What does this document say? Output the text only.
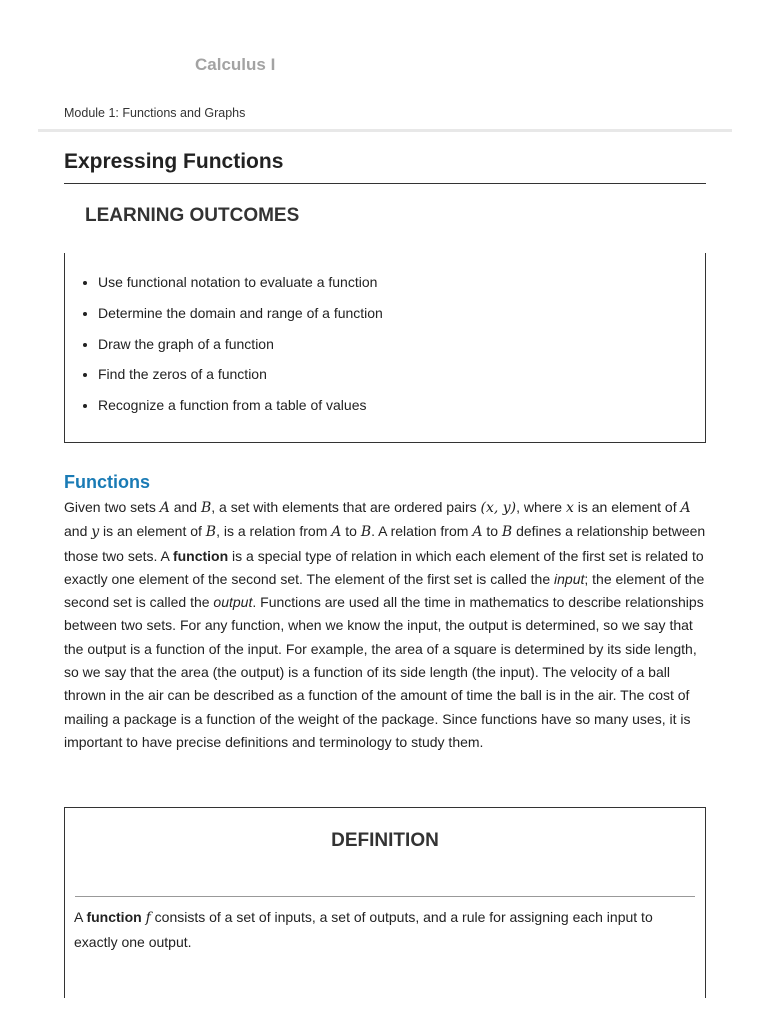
Calculus I
Module 1: Functions and Graphs
Expressing Functions
LEARNING OUTCOMES
• Use functional notation to evaluate a function
• Determine the domain and range of a function
• Draw the graph of a function
• Find the zeros of a function
• Recognize a function from a table of values
Functions

Given two sets A and B, a set with elements that are ordered pairs (x, y), where x is an element of A and y is an element of B, is a relation from A to B. A relation from A to B defines a relationship between those two sets. A function is a special type of relation in which each element of the first set is related to exactly one element of the second set. The element of the first set is called the input; the element of the second set is called the output. Functions are used all the time in mathematics to describe relationships between two sets. For any function, when we know the input, the output is determined, so we say that the output is a function of the input. For example, the area of a square is determined by its side length, so we say that the area (the output) is a function of its side length (the input). The velocity of a ball thrown in the air can be described as a function of the amount of time the ball is in the air. The cost of mailing a package is a function of the weight of the package. Since functions have so many uses, it is important to have precise definitions and terminology to study them.

DEFINITION

A function f consists of a set of inputs, a set of outputs, and a rule for assigning each input to exactly one output.
